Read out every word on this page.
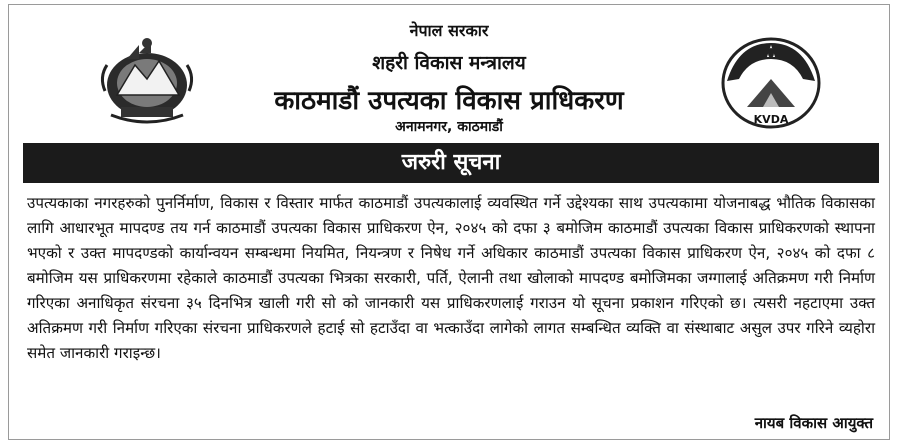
नेपाल सरकार
शहरी विकास मन्त्रालय
काठमाडौं उपत्यका विकास प्राधिकरण
अनामनगर, काठमाडौं	KVDA
जरुरी सूचना
उपत्यकाका नगरहरुको पुनर्निर्माण, विकास र विस्तार मार्फत काठमाडौं उपत्यकालाई व्यवस्थित गर्ने उद्देश्यका साथ उपत्यकामा योजनाबद्ध भौतिक विकासका लागि आधारभूत मापदण्ड तय गर्न काठमाडौं उपत्यका विकास प्राधिकरण ऐन, २०४५ को दफा ३ बमोजिम काठमाडौं उपत्यका विकास प्राधिकरणको स्थापना भएको र उक्त मापदण्डको कार्यान्वयन सम्बन्धमा नियमित, नियन्त्रण र निषेध गर्ने अधिकार काठमाडौं उपत्यका विकास प्राधिकरण ऐन, २०४५ को दफा ८ बमोजिम यस प्राधिकरणमा रहेकाले काठमाडौं उपत्यका भित्रका सरकारी, पर्ति, ऐलानी तथा खोलाको मापदण्ड बमोजिमका जग्गालाई अतिक्रमण गरी निर्माण गरिएका अनाधिकृत संरचना ३५ दिनभित्र खाली गरी सो को जानकारी यस प्राधिकरणलाई गराउन यो सूचना प्रकाशन गरिएको छ। त्यसरी नहटाएमा उक्त अतिक्रमण गरी निर्माण गरिएका संरचना प्राधिकरणले हटाई सो हटाउँदा वा भत्काउँदा लागेको लागत सम्बन्धित व्यक्ति वा संस्थाबाट असुल उपर गरिने व्यहोरा समेत जानकारी गराइन्छ।
नायब विकास आयुक्त
